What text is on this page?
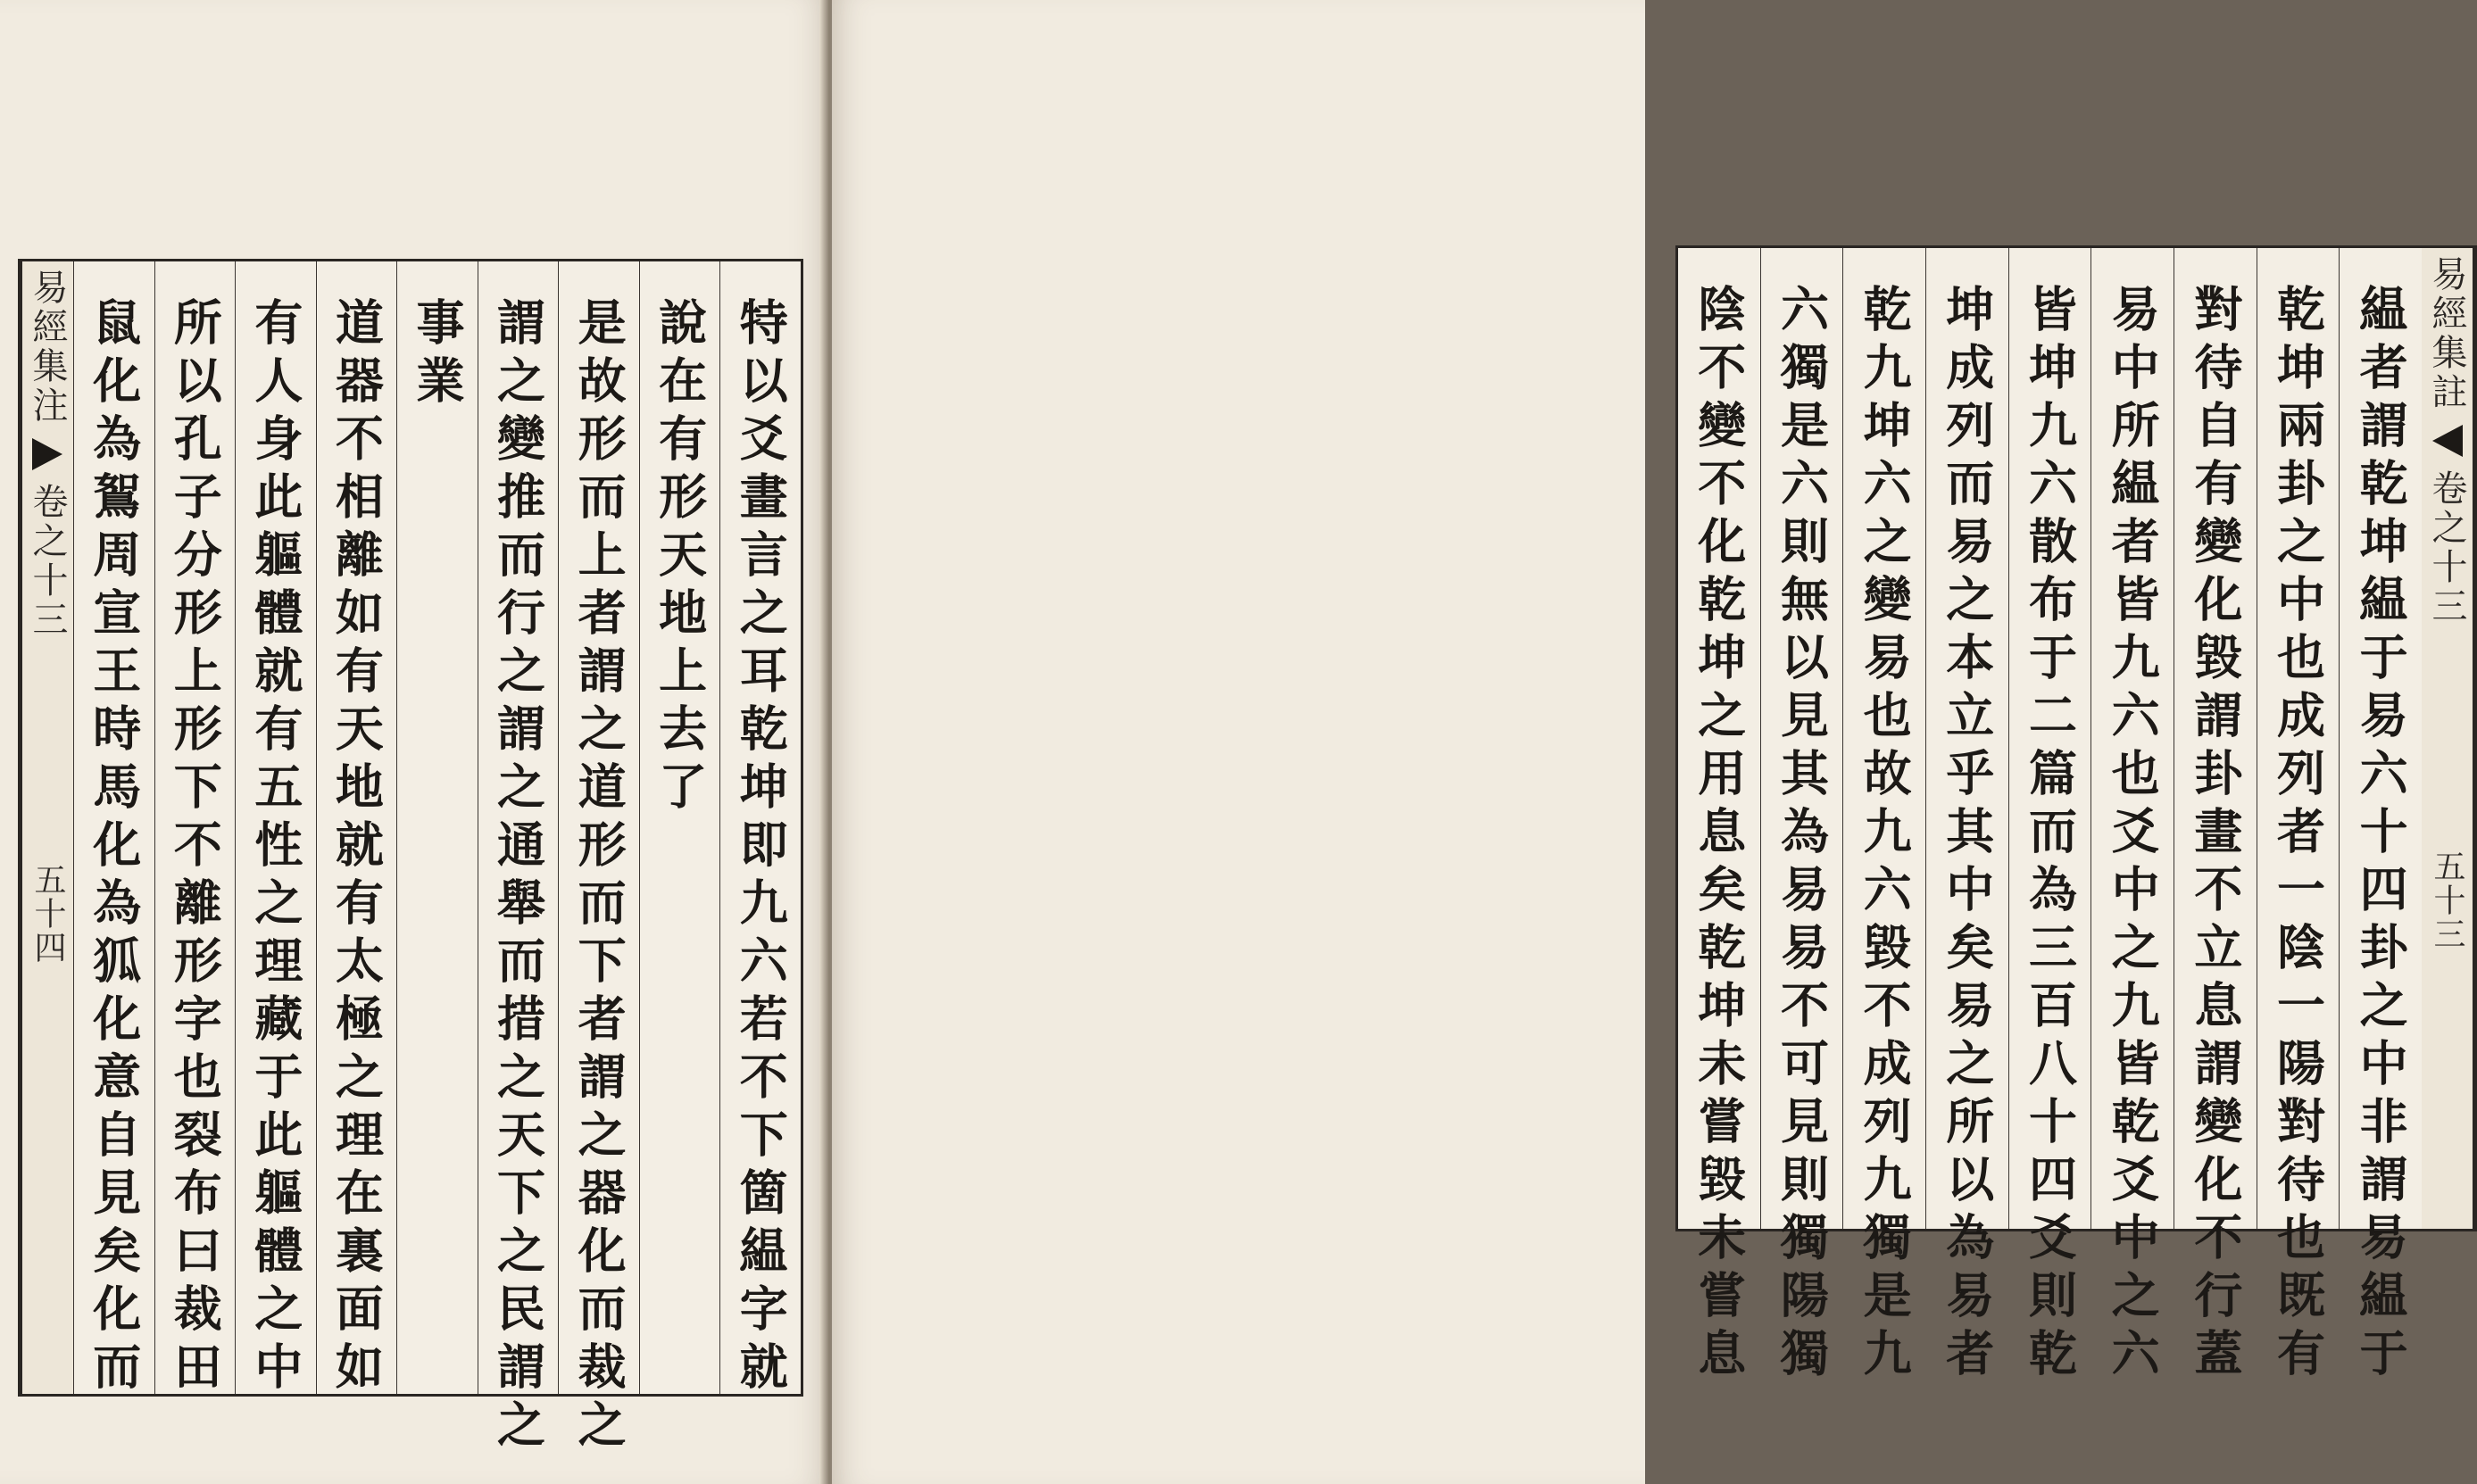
特以爻畫言之耳乾坤即九六若不下箇緼字就
說在有形天地上去了
是故形而上者謂之道形而下者謂之器化而裁之
謂之變推而行之謂之通舉而措之天下之民謂之
事業
道器不相離如有天地就有太極之理在裏面如
有人身此軀體就有五性之理藏于此軀體之中
所以孔子分形上形下不離形字也裂布曰裁田
鼠化為鴽周宣王時馬化為狐化意自見矣化而
易經集注
卷之十三
五十四
易經集註
卷之十三
五十三
緼者謂乾坤緼于易六十四卦之中非謂易緼于
乾坤兩卦之中也成列者一陰一陽對待也既有
對待自有變化毀謂卦畫不立息謂變化不行蓋
易中所緼者皆九六也爻中之九皆乾爻中之六
皆坤九六散布于二篇而為三百八十四爻則乾
坤成列而易之本立乎其中矣易之所以為易者
乾九坤六之變易也故九六毀不成列九獨是九
六獨是六則無以見其為易易不可見則獨陽獨
陰不變不化乾坤之用息矣乾坤未嘗毀未嘗息
